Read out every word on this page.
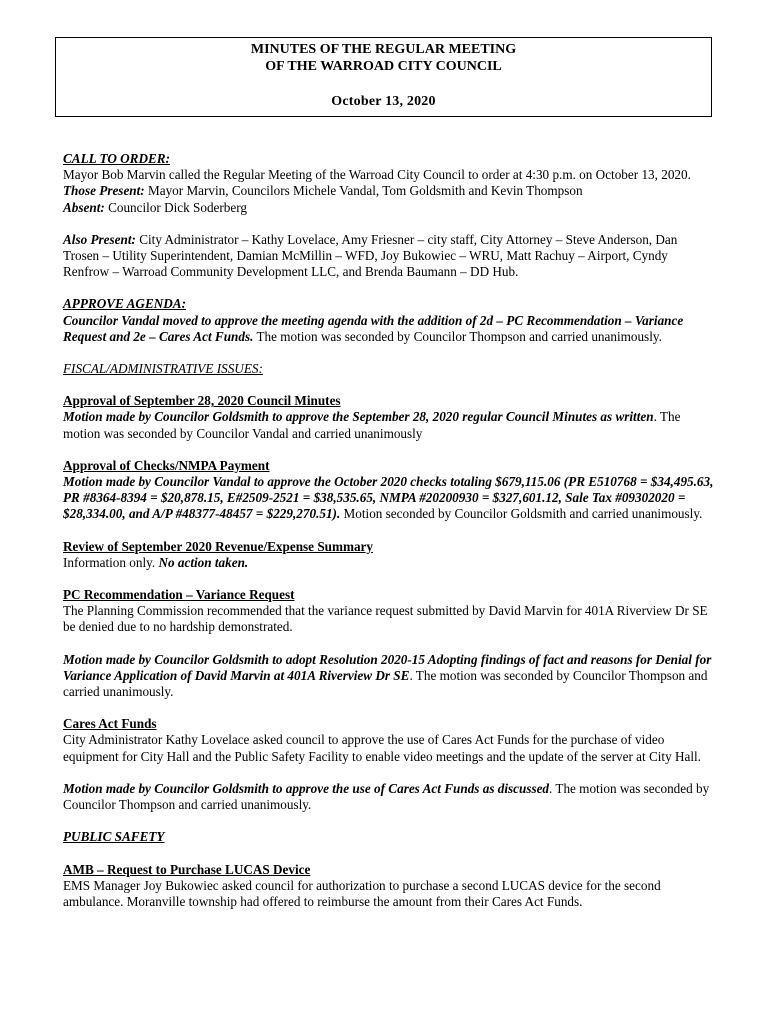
MINUTES OF THE REGULAR MEETING
OF THE WARROAD CITY COUNCIL
October 13, 2020

CALL TO ORDER:
Mayor Bob Marvin called the Regular Meeting of the Warroad City Council to order at 4:30 p.m. on October 13, 2020.
Those Present: Mayor Marvin, Councilors Michele Vandal, Tom Goldsmith and Kevin Thompson
Absent: Councilor Dick Soderberg

Also Present: City Administrator – Kathy Lovelace, Amy Friesner – city staff, City Attorney – Steve Anderson, Dan Trosen – Utility Superintendent, Damian McMillin – WFD, Joy Bukowiec – WRU, Matt Rachuy – Airport, Cyndy Renfrow – Warroad Community Development LLC, and Brenda Baumann – DD Hub.

APPROVE AGENDA:
Councilor Vandal moved to approve the meeting agenda with the addition of 2d – PC Recommendation – Variance Request and 2e – Cares Act Funds. The motion was seconded by Councilor Thompson and carried unanimously.

FISCAL/ADMINISTRATIVE ISSUES:

Approval of September 28, 2020 Council Minutes
Motion made by Councilor Goldsmith to approve the September 28, 2020 regular Council Minutes as written. The motion was seconded by Councilor Vandal and carried unanimously

Approval of Checks/NMPA Payment
Motion made by Councilor Vandal to approve the October 2020 checks totaling $679,115.06 (PR E510768 = $34,495.63, PR #8364-8394 = $20,878.15, E#2509-2521 = $38,535.65, NMPA #20200930 = $327,601.12, Sale Tax #09302020 = $28,334.00, and A/P #48377-48457 = $229,270.51). Motion seconded by Councilor Goldsmith and carried unanimously.

Review of September 2020 Revenue/Expense Summary
Information only. No action taken.

PC Recommendation – Variance Request
The Planning Commission recommended that the variance request submitted by David Marvin for 401A Riverview Dr SE be denied due to no hardship demonstrated.

Motion made by Councilor Goldsmith to adopt Resolution 2020-15 Adopting findings of fact and reasons for Denial for Variance Application of David Marvin at 401A Riverview Dr SE. The motion was seconded by Councilor Thompson and carried unanimously.

Cares Act Funds
City Administrator Kathy Lovelace asked council to approve the use of Cares Act Funds for the purchase of video equipment for City Hall and the Public Safety Facility to enable video meetings and the update of the server at City Hall.

Motion made by Councilor Goldsmith to approve the use of Cares Act Funds as discussed. The motion was seconded by Councilor Thompson and carried unanimously.

PUBLIC SAFETY

AMB – Request to Purchase LUCAS Device
EMS Manager Joy Bukowiec asked council for authorization to purchase a second LUCAS device for the second ambulance. Moranville township had offered to reimburse the amount from their Cares Act Funds.
